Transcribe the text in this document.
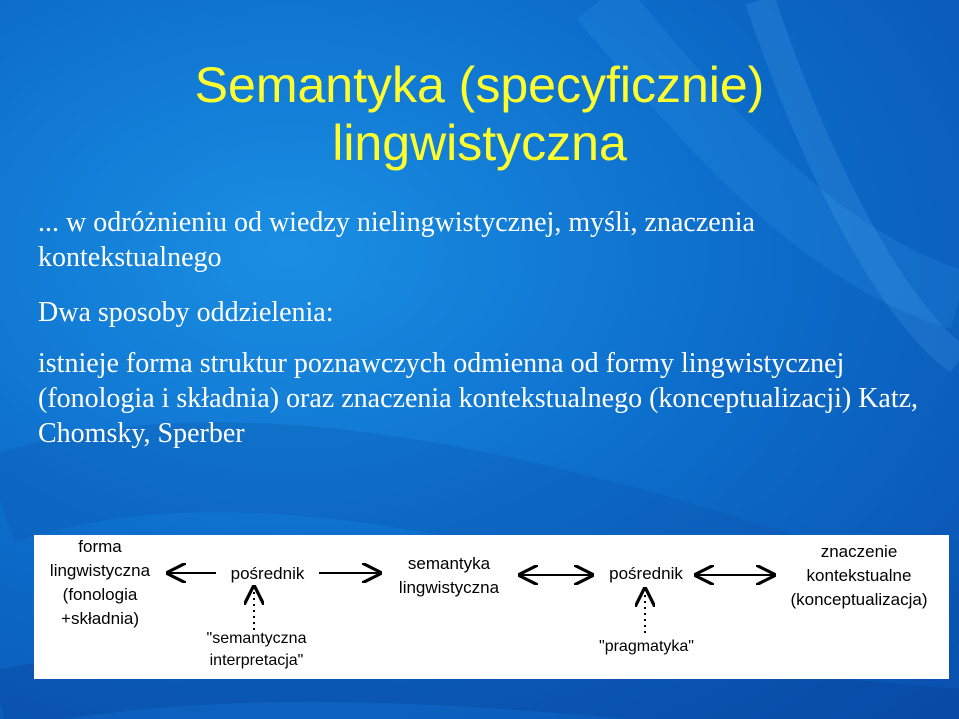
Semantyka (specyficznie)
lingwistyczna
... w odróżnieniu od wiedzy nielingwistycznej, myśli, znaczenia kontekstualnego
Dwa sposoby oddzielenia:
istnieje forma struktur poznawczych odmienna od formy lingwistycznej (fonologia i składnia) oraz znaczenia kontekstualnego (konceptualizacji) Katz, Chomsky, Sperber
forma
lingwistyczna
(fonologia
+składnia)
pośrednik
semantyka
lingwistyczna
pośrednik
znaczenie
kontekstualne
(konceptualizacja)
"semantyczna
interpretacja"
"pragmatyka"
